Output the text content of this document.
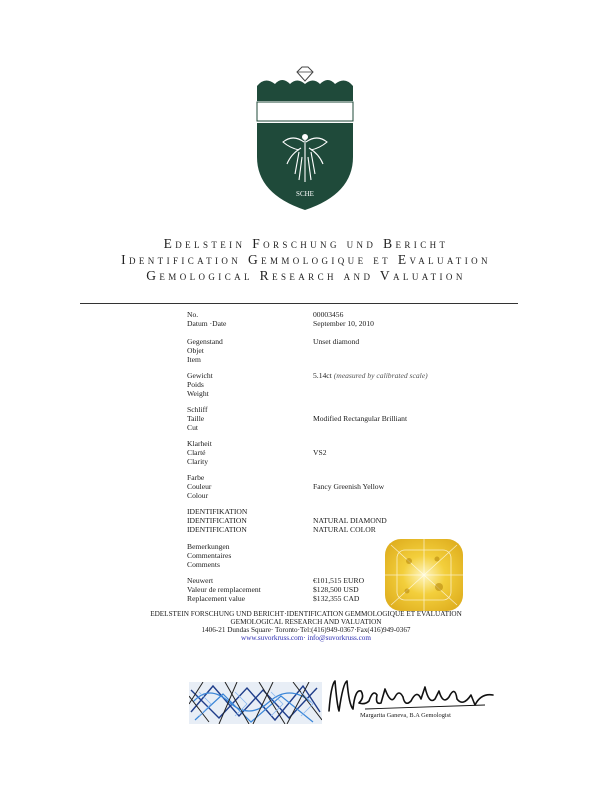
SCHE
Edelstein Forschung und Bericht
Identification Gemmologique et Evaluation
Gemological Research and Valuation
No.
Datum ·Date
00003456
September 10, 2010
Gegenstand
Objet
Item
Unset diamond
Gewicht
Poids
Weight
5.14ct (measured by calibrated scale)
Schliff
Taille
Cut
Modified Rectangular Brilliant
Klarheit
Clarté
Clarity
VS2
Farbe
Couleur
Colour
Fancy Greenish Yellow
IDENTIFIKATION
IDENTIFICATION
IDENTIFICATION
NATURAL DIAMOND
NATURAL COLOR
Bemerkungen
Commentaires
Comments
Neuwert
Valeur de remplacement
Replacement value
€101,515 EURO
$128,500 USD
$132,355 CAD
EDELSTEIN FORSCHUNG UND BERICHT·IDENTIFICATION GEMMOLOGIQUE ET EVALUATION
GEMOLOGICAL RESEARCH AND VALUATION
1406-21 Dundas Square· Toronto·Tel:(416)949-0367·Fax(416)949-0367
www.suvorkruss.com· info@suvorkruss.com
Margarita Ganeva, B.A Gemologist
